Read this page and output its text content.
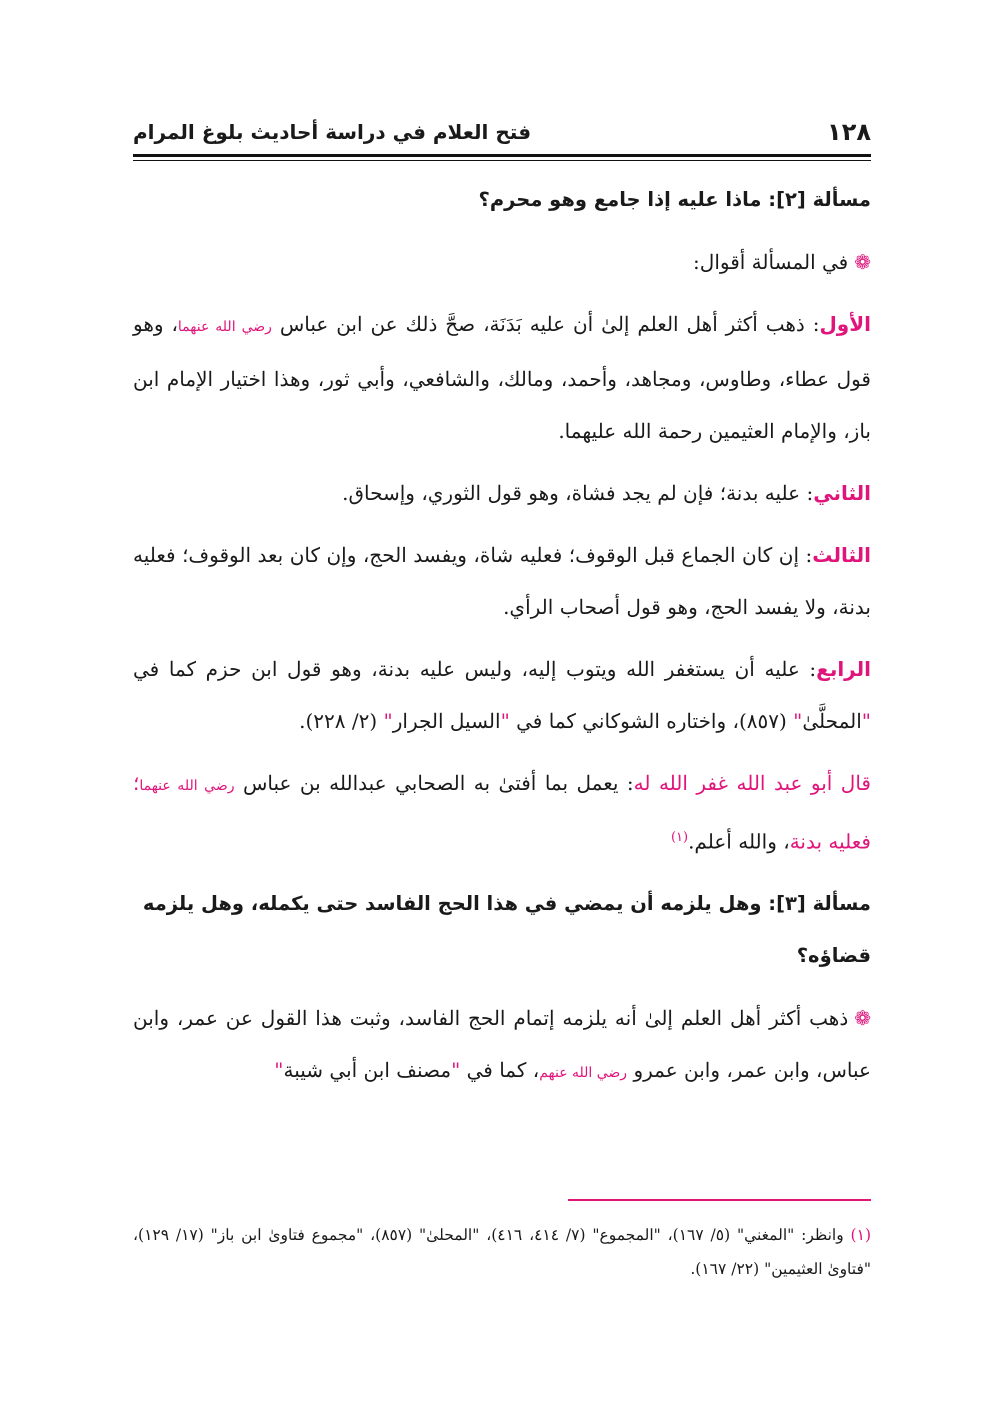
١٢٨
فتح العلام في دراسة أحاديث بلوغ المرام
مسألة [٢]: ماذا عليه إذا جامع وهو محرم؟

❁في المسألة أقوال:

الأول: ذهب أكثر أهل العلم إلىٰ أن عليه بَدَنَة، صحَّ ذلك عن ابن عباس رضي الله عنهما، وهو قول عطاء، وطاوس، ومجاهد، وأحمد، ومالك، والشافعي، وأبي ثور، وهذا اختيار الإمام ابن باز، والإمام العثيمين رحمة الله عليهما.

الثاني: عليه بدنة؛ فإن لم يجد فشاة، وهو قول الثوري، وإسحاق.

الثالث: إن كان الجماع قبل الوقوف؛ فعليه شاة، ويفسد الحج، وإن كان بعد الوقوف؛ فعليه بدنة، ولا يفسد الحج، وهو قول أصحاب الرأي.

الرابع: عليه أن يستغفر الله ويتوب إليه، وليس عليه بدنة، وهو قول ابن حزم كما في "المحلَّىٰ" (٨٥٧)، واختاره الشوكاني كما في "السيل الجرار" (٢/ ٢٢٨).

قال أبو عبد الله غفر الله له: يعمل بما أفتىٰ به الصحابي عبدالله بن عباس رضي الله عنهما؛ فعليه بدنة، والله أعلم.$^{(١)}$

مسألة [٣]: وهل يلزمه أن يمضي في هذا الحج الفاسد حتى يكمله، وهل يلزمه قضاؤه؟

❁ذهب أكثر أهل العلم إلىٰ أنه يلزمه إتمام الحج الفاسد، وثبت هذا القول عن عمر، وابن عباس، وابن عمر، وابن عمرو رضي الله عنهم، كما في "مصنف ابن أبي شيبة"

(١) وانظر: "المغني" (٥/ ١٦٧)، "المجموع" (٧/ ٤١٤، ٤١٦)، "المحلىٰ" (٨٥٧)، "مجموع فتاوىٰ ابن باز" (١٧/ ١٢٩)، "فتاوىٰ العثيمين" (٢٢/ ١٦٧).
